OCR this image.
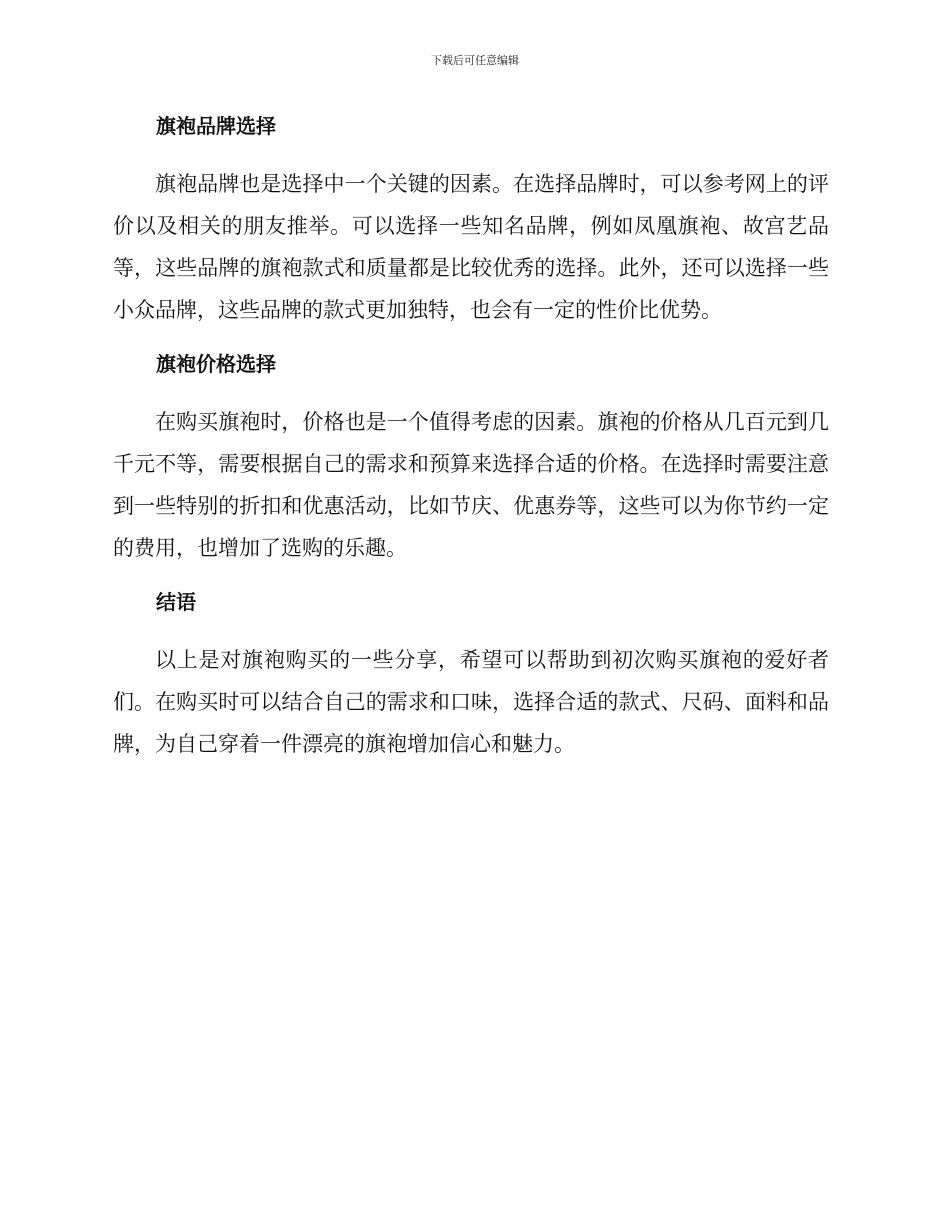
下载后可任意编辑
旗袍品牌选择

旗袍品牌也是选择中一个关键的因素。在选择品牌时，可以参考网上的评价以及相关的朋友推举。可以选择一些知名品牌，例如凤凰旗袍、故宫艺品等，这些品牌的旗袍款式和质量都是比较优秀的选择。此外，还可以选择一些小众品牌，这些品牌的款式更加独特，也会有一定的性价比优势。

旗袍价格选择

在购买旗袍时，价格也是一个值得考虑的因素。旗袍的价格从几百元到几千元不等，需要根据自己的需求和预算来选择合适的价格。在选择时需要注意到一些特别的折扣和优惠活动，比如节庆、优惠券等，这些可以为你节约一定的费用，也增加了选购的乐趣。

结语

以上是对旗袍购买的一些分享，希望可以帮助到初次购买旗袍的爱好者们。在购买时可以结合自己的需求和口味，选择合适的款式、尺码、面料和品牌，为自己穿着一件漂亮的旗袍增加信心和魅力。
